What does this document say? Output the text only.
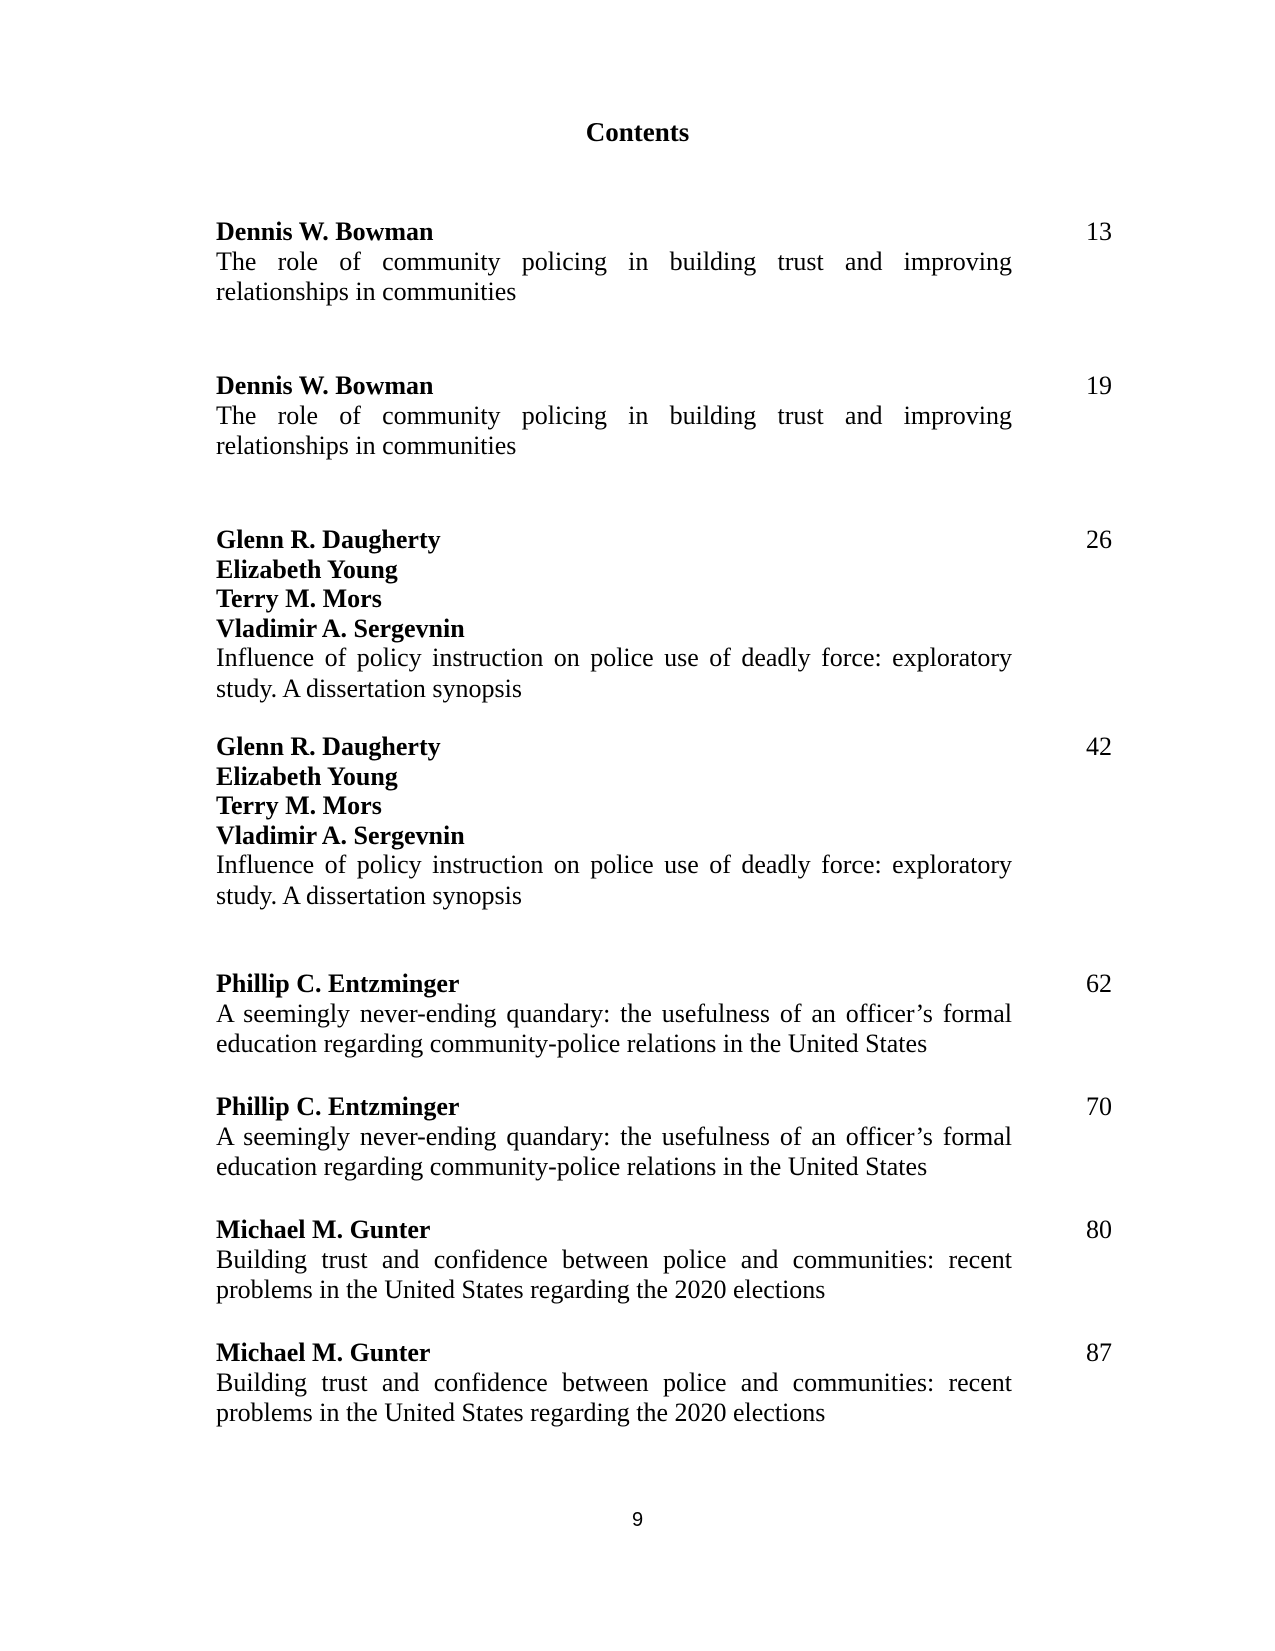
Contents
Dennis W. Bowman
The role of community policing in building trust and improving relationships in communities
13
Dennis W. Bowman
The role of community policing in building trust and improving relationships in communities
19
Glenn R. Daugherty
Elizabeth Young
Terry M. Mors
Vladimir A. Sergevnin
Influence of policy instruction on police use of deadly force: exploratory study. A dissertation synopsis
26
Glenn R. Daugherty
Elizabeth Young
Terry M. Mors
Vladimir A. Sergevnin
Influence of policy instruction on police use of deadly force: exploratory study. A dissertation synopsis
42
Phillip C. Entzminger
A seemingly never-ending quandary: the usefulness of an officer’s formal education regarding community-police relations in the United States
62
Phillip C. Entzminger
A seemingly never-ending quandary: the usefulness of an officer’s formal education regarding community-police relations in the United States
70
Michael M. Gunter
Building trust and confidence between police and communities: recent problems in the United States regarding the 2020 elections
80
Michael M. Gunter
Building trust and confidence between police and communities: recent problems in the United States regarding the 2020 elections
87
9
